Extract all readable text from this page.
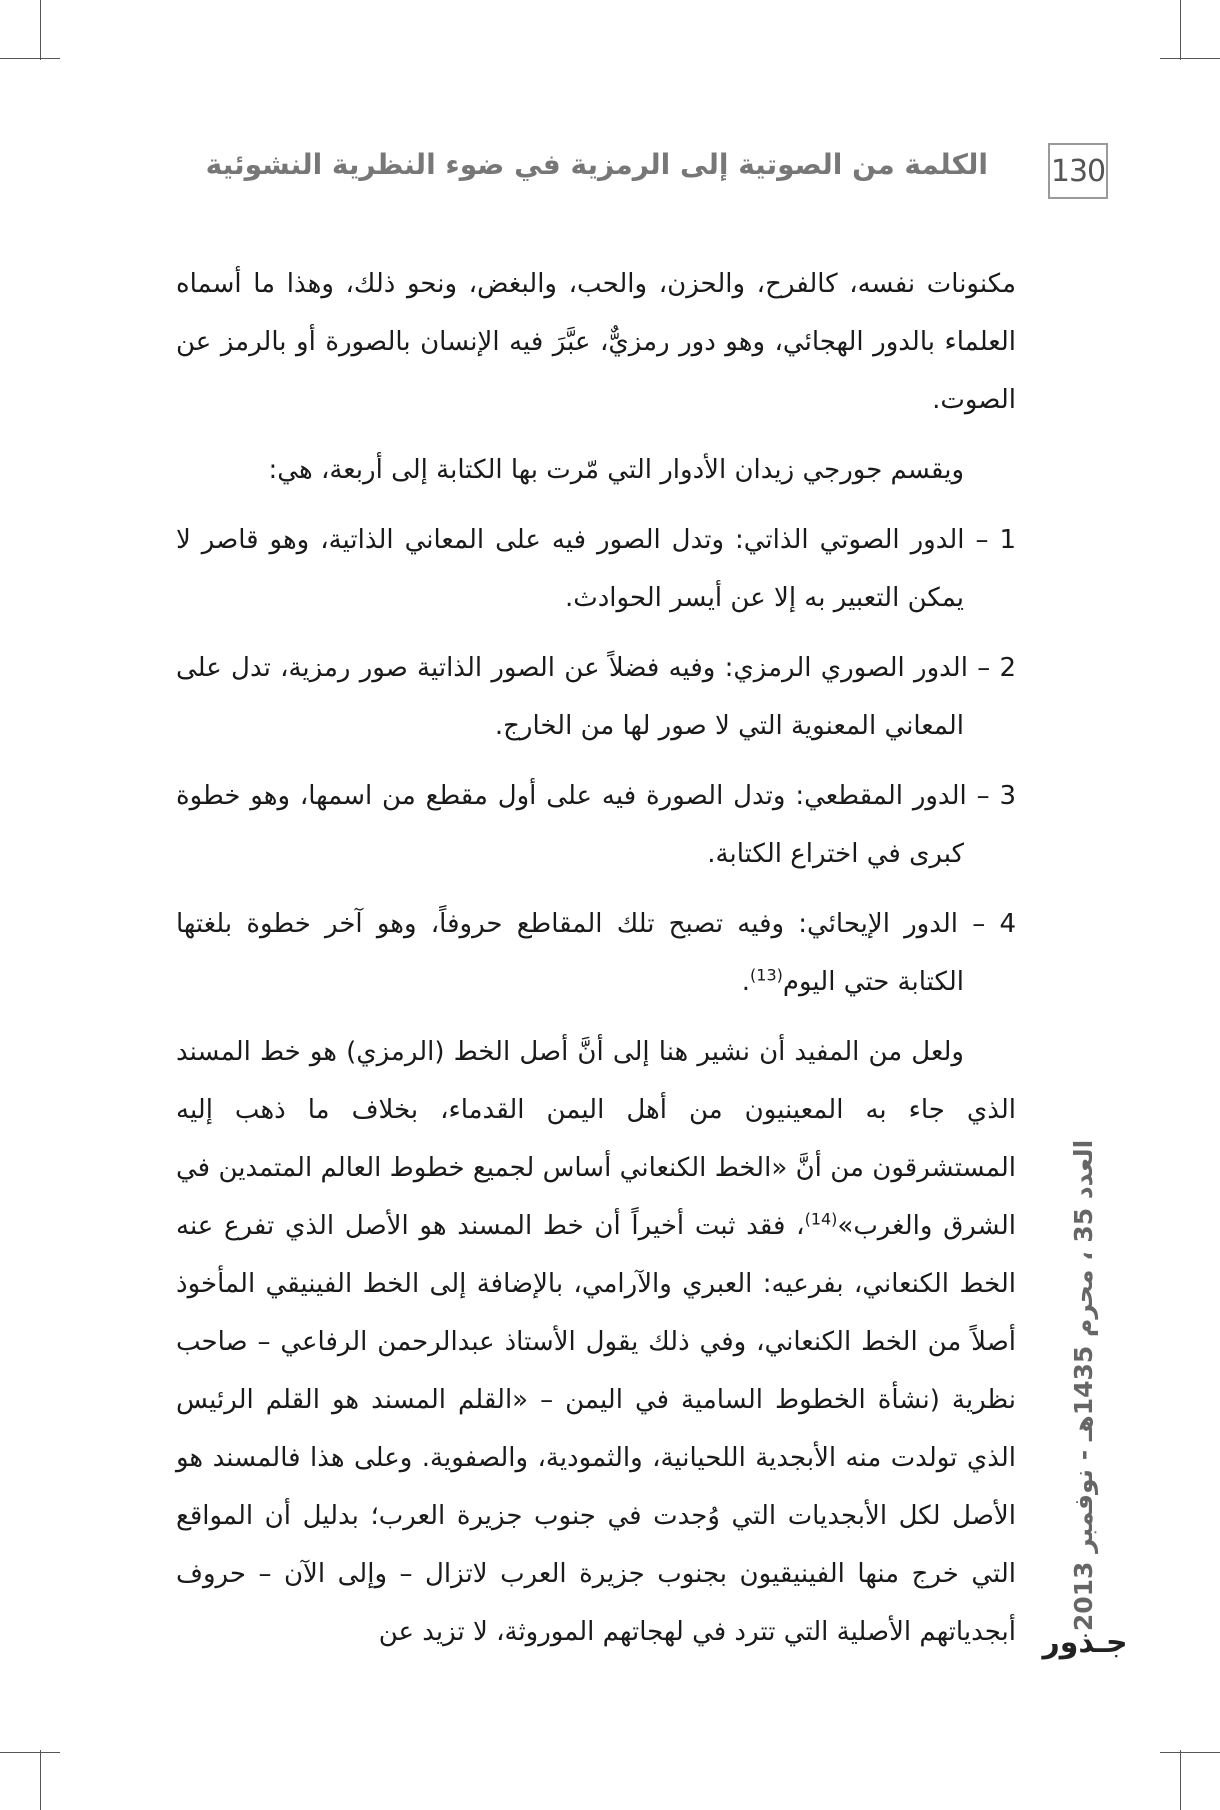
130
الكلمة من الصوتية إلى الرمزية في ضوء النظرية النشوئية

مكنونات نفسه، كالفرح، والحزن، والحب، والبغض، ونحو ذلك، وهذا ما أسماه العلماء بالدور الهجائي، وهو دور رمزيٌّ، عبَّرَ فيه الإنسان بالصورة أو بالرمز عن الصوت.

ويقسم جورجي زيدان الأدوار التي مّرت بها الكتابة إلى أربعة، هي:

1 – الدور الصوتي الذاتي: وتدل الصور فيه على المعاني الذاتية، وهو قاصر لا يمكن التعبير به إلا عن أيسر الحوادث.

2 – الدور الصوري الرمزي: وفيه فضلاً عن الصور الذاتية صور رمزية، تدل على المعاني المعنوية التي لا صور لها من الخارج.

3 – الدور المقطعي: وتدل الصورة فيه على أول مقطع من اسمها، وهو خطوة كبرى في اختراع الكتابة.

4 – الدور الإيحائي: وفيه تصبح تلك المقاطع حروفاً، وهو آخر خطوة بلغتها الكتابة حتي اليوم$^{(13)}$.

ولعل من المفيد أن نشير هنا إلى أنَّ أصل الخط (الرمزي) هو خط المسند الذي جاء به المعينيون من أهل اليمن القدماء، بخلاف ما ذهب إليه المستشرقون من أنَّ «الخط الكنعاني أساس لجميع خطوط العالم المتمدين في الشرق والغرب»$^{(14)}$، فقد ثبت أخيراً أن خط المسند هو الأصل الذي تفرع عنه الخط الكنعاني، بفرعيه: العبري والآرامي، بالإضافة إلى الخط الفينيقي المأخوذ أصلاً من الخط الكنعاني، وفي ذلك يقول الأستاذ عبدالرحمن الرفاعي – صاحب نظرية (نشأة الخطوط السامية في اليمن – «القلم المسند هو القلم الرئيس الذي تولدت منه الأبجدية اللحيانية، والثمودية، والصفوية. وعلى هذا فالمسند هو الأصل لكل الأبجديات التي وُجدت في جنوب جزيرة العرب؛ بدليل أن المواقع التي خرج منها الفينيقيون بجنوب جزيرة العرب لاتزال – وإلى الآن – حروف أبجدياتهم الأصلية التي تترد في لهجاتهم الموروثة، لا تزيد عن

العدد 35 ، محرم 1435هـ - نوفمبر 2013
جـذور
